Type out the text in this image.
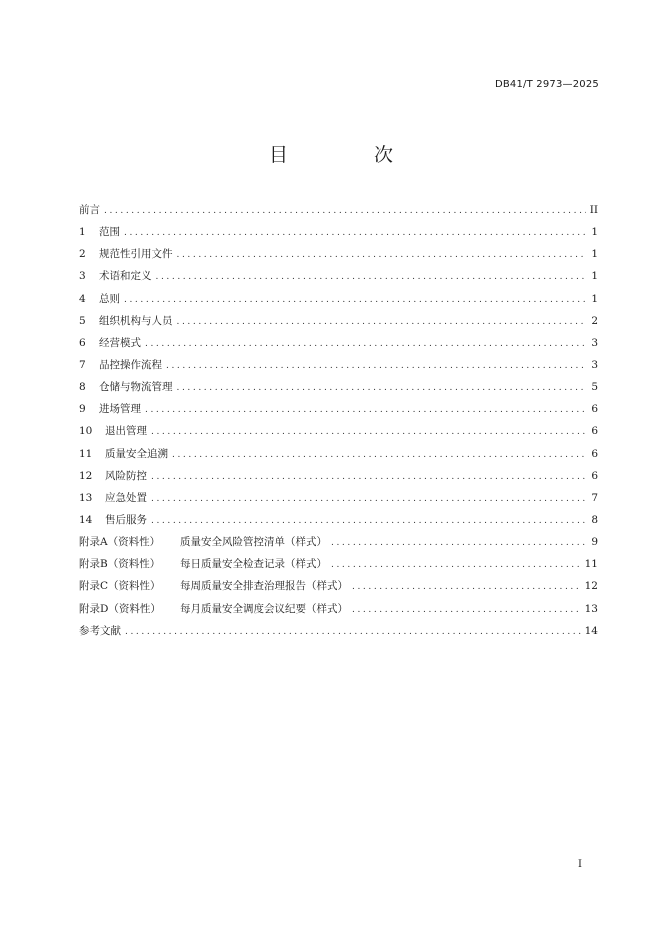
DB41/T 2973—2025
目 次
前言 .....	II
1	范围 .....	1
2	规范性引用文件 .....	1
3	术语和定义 .....	1
4	总则 .....	1
5	组织机构与人员 .....	2
6	经营模式 .....	3
7	品控操作流程 .....	3
8	仓储与物流管理 .....	5
9	进场管理 .....	6
10	退出管理 .....	6
11	质量安全追溯 .....	6
12	风险防控 .....	6
13	应急处置 .....	7
14	售后服务 .....	8
附录A（资料性）	质量安全风险管控清单（样式） .....	9
附录B（资料性）	每日质量安全检查记录（样式） .....	11
附录C（资料性）	每周质量安全排查治理报告（样式） .....	12
附录D（资料性）	每月质量安全调度会议纪要（样式） .....	13
参考文献 .....	14
I
